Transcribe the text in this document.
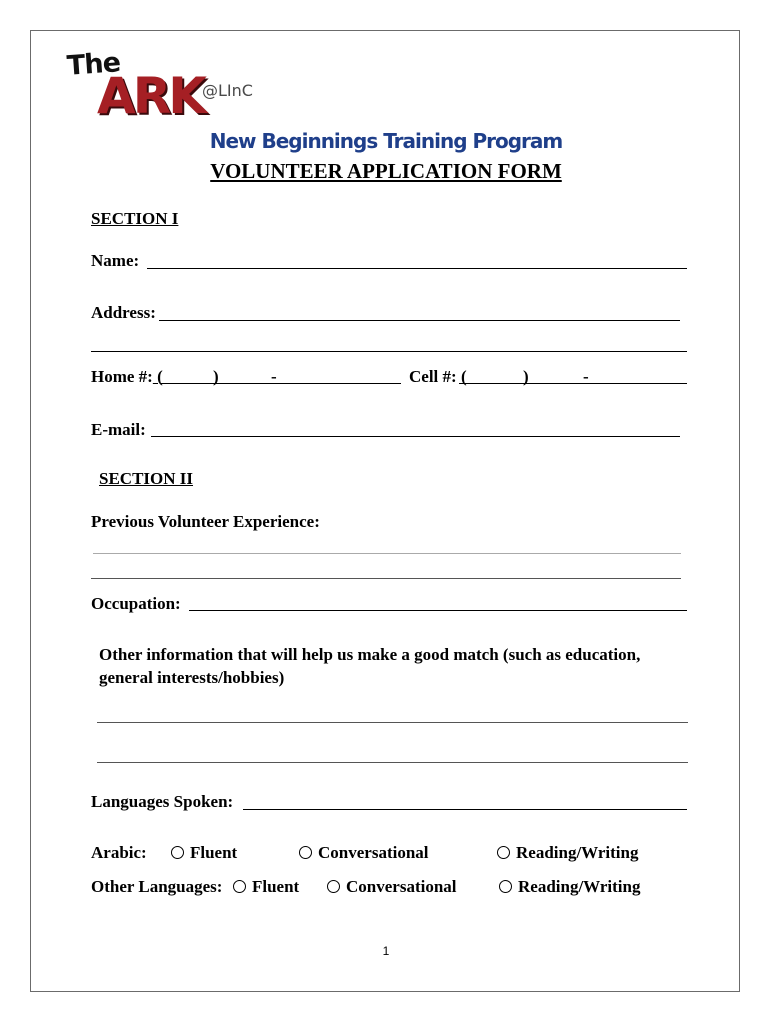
The
ARK
@LInC
New Beginnings Training Program
VOLUNTEER APPLICATION FORM
SECTION I
Name:
Address:
Home #: (	)	-	Cell #: (	)	-
E-mail:
SECTION II
Previous Volunteer Experience:
Occupation:
Other information that will help us make a good match (such as education,
general interests/hobbies)
Languages Spoken:
Arabic:	Fluent	Conversational	Reading/Writing
Other Languages:	Fluent	Conversational	Reading/Writing
1
